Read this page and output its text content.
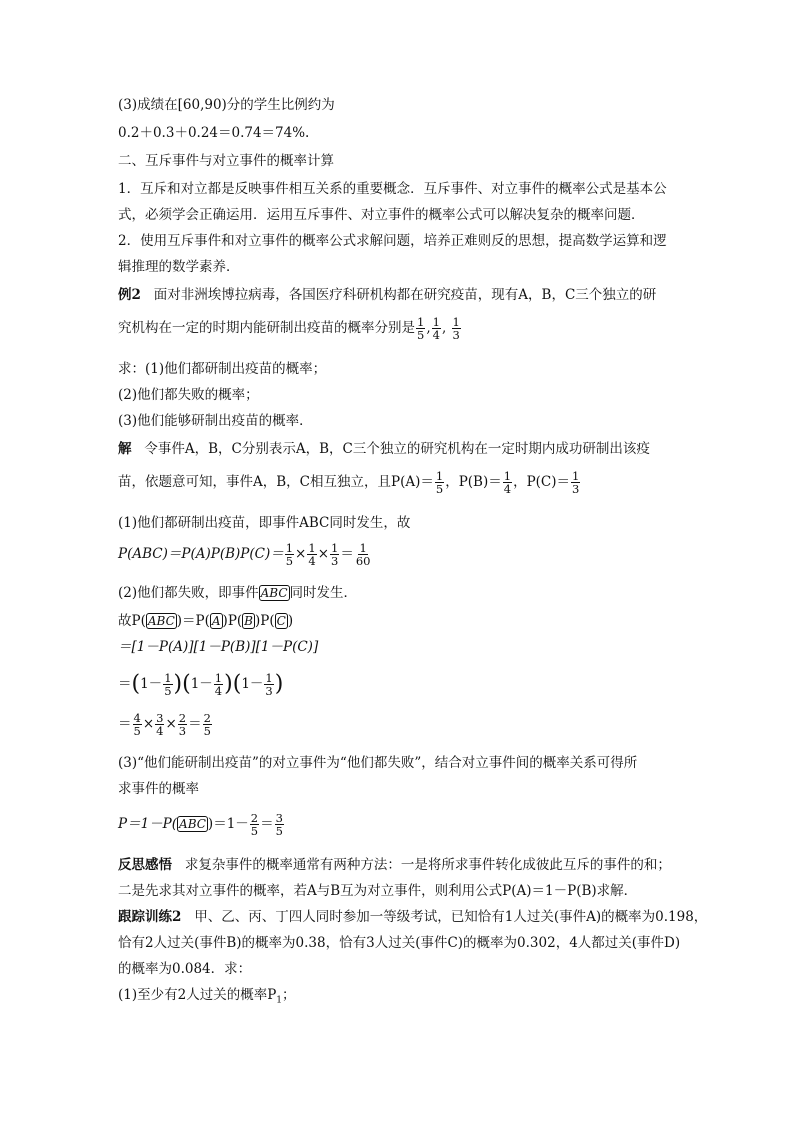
(3)成绩在[60,90)分的学生比例约为
0.2＋0.3＋0.24＝0.74＝74%.
二、互斥事件与对立事件的概率计算
1．互斥和对立都是反映事件相互关系的重要概念．互斥事件、对立事件的概率公式是基本公
式，必须学会正确运用．运用互斥事件、对立事件的概率公式可以解决复杂的概率问题．
2．使用互斥事件和对立事件的概率公式求解问题，培养正难则反的思想，提高数学运算和逻
辑推理的数学素养．
例2 面对非洲埃博拉病毒，各国医疗科研机构都在研究疫苗，现有A，B，C三个独立的研
究机构在一定的时期内能研制出疫苗的概率分别是 $\frac{1}{5}$ , $\frac{1}{4}$ , $\frac{1}{3}$
求：(1)他们都研制出疫苗的概率；
(2)他们都失败的概率；
(3)他们能够研制出疫苗的概率．
解 令事件A，B，C分别表示A，B，C三个独立的研究机构在一定时期内成功研制出该疫
苗，依题意可知，事件A，B，C相互独立，且$P(A)= \frac{1}{5}$ ，$P(B)= \frac{1}{4}$ ，$P(C)= \frac{1}{3}$
(1)他们都研制出疫苗，即事件ABC同时发生，故
$P(ABC)=P(A)P(B)P(C)= \frac{1}{5} \times \frac{1}{4} \times \frac{1}{3} = \frac{1}{60}$
(2)他们都失败，即事件 ABC 同时发生．
故P( ABC )＝P( A )P( B )P( C )
＝[1－P(A)][1－P(B)][1－P(C)]
$=(1- \frac{1}{5} )(1- \frac{1}{4} )(1- \frac{1}{3}$ )
＝ $\frac{4}{5} \times \frac{3}{4} \times \frac{2}{3} = \frac{2}{5}$
(3)“他们能研制出疫苗”的对立事件为“他们都失败”，结合对立事件间的概率关系可得所
求事件的概率
P＝1－P( ABC )$=1- \frac{2}{5} = \frac{3}{5}$
反思感悟 求复杂事件的概率通常有两种方法：一是将所求事件转化成彼此互斥的事件的和；
二是先求其对立事件的概率，若A与B互为对立事件，则利用公式P(A)＝1－P(B)求解．
跟踪训练2 甲、乙、丙、丁四人同时参加一等级考试，已知恰有1人过关(事件A)的概率为0.198，
恰有2人过关(事件B)的概率为0.38，恰有3人过关(事件C)的概率为0.302，4人都过关(事件D)
的概率为0.084．求：
(1)至少有2人过关的概率$P_1$；
